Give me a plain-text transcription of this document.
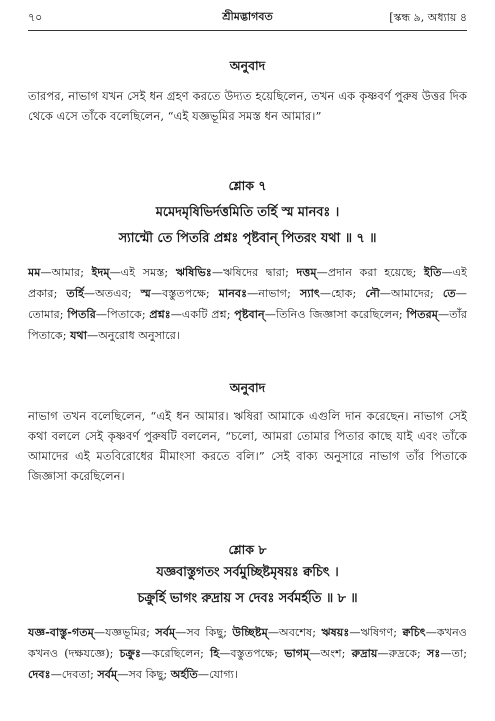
৭০	শ্রীমদ্ভাগবত	[স্কন্ধ ৯, অধ্যায় ৪
অনুবাদ
তারপর, নাভাগ যখন সেই ধন গ্রহণ করতে উদ্যত হয়েছিলেন, তখন এক কৃষ্ণবর্ণ পুরুষ উত্তর দিক থেকে এসে তাঁকে বলেছিলেন, “এই যজ্ঞভূমির সমস্ত ধন আমার।”
শ্লোক ৭
মমেদমৃষিভির্দত্তমিতি তর্হি স্ম মানবঃ ।
স্যান্মৌ তে পিতরি প্রশ্নঃ পৃষ্টবান্ পিতরং যথা ॥ ৭ ॥
মম—আমার; ইদম্—এই সমস্ত; ঋষিভিঃ—ঋষিদের দ্বারা; দত্তম্—প্রদান করা হয়েছে; ইতি—এই প্রকার; তর্হি—অতএব; স্ম—বস্তুতপক্ষে; মানবঃ—নাভাগ; স্যাৎ—হোক; নৌ—আমাদের; তে—তোমার; পিতরি—পিতাকে; প্রশ্নঃ—একটি প্রশ্ন; পৃষ্টবান্—তিনিও জিজ্ঞাসা করেছিলেন; পিতরম্—তাঁর পিতাকে; যথা—অনুরোধ অনুসারে।
অনুবাদ
নাভাগ তখন বলেছিলেন, “এই ধন আমার। ঋষিরা আমাকে এগুলি দান করেছেন। নাভাগ সেই কথা বললে সেই কৃষ্ণবর্ণ পুরুষটি বললেন, “চলো, আমরা তোমার পিতার কাছে যাই এবং তাঁকে আমাদের এই মতবিরোধের মীমাংসা করতে বলি।” সেই বাক্য অনুসারে নাভাগ তাঁর পিতাকে জিজ্ঞাসা করেছিলেন।
শ্লোক ৮
যজ্ঞবাস্তুগতং সর্বমুচ্ছিষ্টমৃষয়ঃ ক্বচিৎ ।
চক্রুর্হি ভাগং রুদ্রায় স দেবঃ সর্বমর্হতি ॥ ৮ ॥
যজ্ঞ-বাস্তু-গতম্—যজ্ঞভূমির; সর্বম্—সব কিছু; উচ্ছিষ্টম্—অবশেষ; ঋষয়ঃ—ঋষিগণ; ক্বচিৎ—কখনও কখনও (দক্ষযজ্ঞে); চক্রুঃ—করেছিলেন; হি—বস্তুতপক্ষে; ভাগম্—অংশ; রুদ্রায়—রুদ্রকে; সঃ—তা; দেবঃ—দেবতা; সর্বম্—সব কিছু; অর্হতি—যোগ্য।
